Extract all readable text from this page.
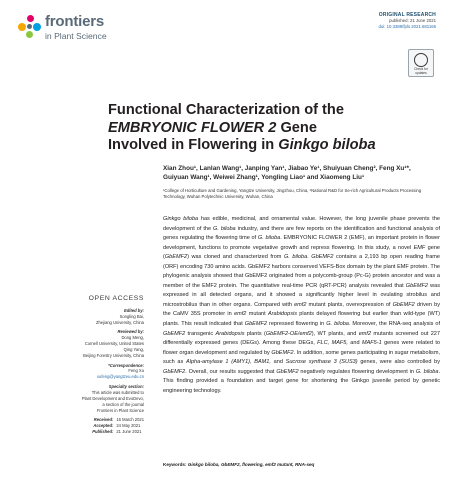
frontiers
in Plant Science
ORIGINAL RESEARCH
published: 21 June 2021
doi: 10.3389/fpls.2021.681166
Check for updates
Functional Characterization of the
EMBRYONIC FLOWER 2 Gene
Involved in Flowering in Ginkgo biloba
Xian Zhou¹, Lanlan Wang¹, Janping Yan¹, Jiabao Ye¹, Shuiyuan Cheng², Feng Xu¹*,
Guiyuan Wang¹, Weiwei Zhang¹, Yongling Liao¹ and Xiaomeng Liu¹
¹College of Horticulture and Gardening, Yangtze University, Jingzhou, China, ²National R&D for Se-rich Agricultural Products Processing Technology, Wuhan Polytechnic University, Wuhan, China
Ginkgo biloba has edible, medicinal, and ornamental value. However, the long juvenile phase prevents the development of the G. biloba industry, and there are few reports on the identification and functional analysis of genes regulating the flowering time of G. biloba. EMBRYONIC FLOWER 2 (EMF), an important protein in flower development, functions to promote vegetative growth and repress flowering. In this study, a novel EMF gene (GbEMF2) was cloned and characterized from G. biloba. GbEMF2 contains a 2,193 bp open reading frame (ORF) encoding 730 amino acids. GbEMF2 harbors conserved VEFS-Box domain by the plant EMF protein. The phylogenic analysis showed that GbEMF2 originated from a polycomb-group (Pc-G) protein ancestor and was a member of the EMF2 protein. The quantitative real-time PCR (qRT-PCR) analysis revealed that GbEMF2 was expressed in all detected organs, and it showed a significantly higher level in ovulating strobilus and microstrobilus than in other organs. Compared with emf2 mutant plants, overexpression of GbEMF2 driven by the CaMV 35S promoter in emf2 mutant Arabidopsis plants delayed flowering but earlier than wild-type (WT) plants. This result indicated that GbEMF2 repressed flowering in G. biloba. Moreover, the RNA-seq analysis of GbEMF2 transgenic Arabidopsis plants (GbEMF2-OE/emf2), WT plants, and emf2 mutants screened out 227 differentially expressed genes (DEGs). Among these DEGs, FLC, MAF5, and MAF5-1 genes were related to flower organ development and regulated by GbEMF2. In addition, some genes participating in sugar metabolism, such as Alpha-amylase 1 (AMY1), BAM1, and Sucrose synthase 3 (SUS3) genes, were also controlled by GbEMF2. Overall, our results suggested that GbEMF2 negatively regulates flowering development in G. biloba. This finding provided a foundation and target gene for shortening the Ginkgo juvenile period by genetic engineering technology.
Keywords: Ginkgo biloba, GbEMF2, flowering, emf2 mutant, RNA-seq
OPEN ACCESS
Edited by:
Songling Bai,
Zhejiang University, China
Reviewed by:
Dong Meng,
Cornell University, United States
Qing Yang,
Beijing Forestry University, China
*Correspondence:
Feng Xu
xufeng@yangtzeu.edu.cn
Specialty section:
This article was submitted to
Plant Development and EvoDevo,
a section of the journal
Frontiers in Plant Science
Received: 16 March 2021
Accepted: 24 May 2021
Published: 21 June 2021
